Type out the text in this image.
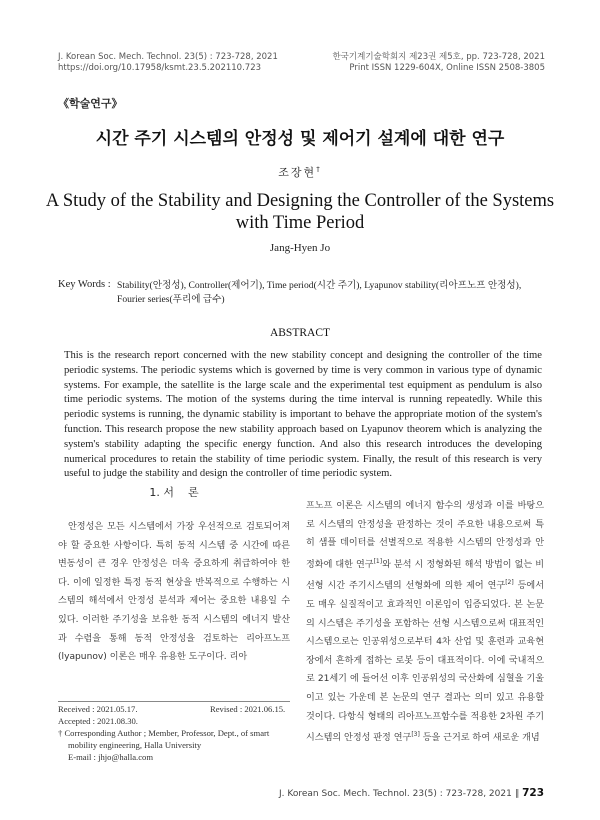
J. Korean Soc. Mech. Technol. 23(5) : 723-728, 2021
https://doi.org/10.17958/ksmt.23.5.202110.723
한국기계기술학회지 제23권 제5호, pp. 723-728, 2021
Print ISSN 1229-604X, Online ISSN 2508-3805
《학술연구》
시간 주기 시스템의 안정성 및 제어기 설계에 대한 연구
조장현†
A Study of the Stability and Designing the Controller of the Systems
with Time Period
Jang-Hyen Jo
Key Words : Stability(안정성), Controller(제어기), Time period(시간 주기), Lyapunov stability(리아프노프 안정성),
Fourier series(푸리에 급수)
ABSTRACT

This is the research report concerned with the new stability concept and designing the controller of the time periodic systems. The periodic systems which is governed by time is very common in various type of dynamic systems. For example, the satellite is the large scale and the experimental test equipment as pendulum is also time periodic systems. The motion of the systems during the time interval is running repeatedly. While this periodic systems is running, the dynamic stability is important to behave the appropriate motion of the system's function. This research propose the new stability approach based on Lyapunov theorem which is analyzing the system's stability adapting the specific energy function. And also this research introduces the developing numerical procedures to retain the stability of time periodic system. Finally, the result of this research is very useful to judge the stability and design the controller of time periodic system.

1. 서    론

안정성은 모든 시스템에서 가장 우선적으로 검토되어져야 할 중요한 사항이다. 특히 동적 시스템 중 시간에 따른 변동성이 큰 경우 안정성은 더욱 중요하게 취급하여야 한다. 이에 일정한 특정 동적 현상을 반복적으로 수행하는 시스템의 해석에서 안정성 분석과 제어는 중요한 내용일 수 있다. 이러한 주기성을 보유한 동적 시스템의 에너지 발산과 수렴을 통해 동적 안정성을 검토하는 리아프노프(lyapunov) 이론은 매우 유용한 도구이다. 리아

Received : 2021.05.17.	Revised : 2021.06.15.
Accepted : 2021.08.30.
† Corresponding Author ; Member, Professor, Dept., of smart
mobility engineering, Halla University
E-mail : jhjo@halla.com

프노프 이론은 시스템의 에너지 함수의 생성과 이를 바탕으로 시스템의 안정성을 판정하는 것이 주요한 내용으로써 특히 샘플 데이터를 선별적으로 적용한 시스템의 안정성과 안정화에 대한 연구[1]와 분석 시 정형화된 해석 방법이 없는 비선형 시간 주기시스템의 선형화에 의한 제어 연구[2] 등에서도 매우 실질적이고 효과적인 이론임이 입증되었다. 본 논문의 시스템은 주기성을 포함하는 선형 시스템으로써 대표적인 시스템으로는 인공위성으로부터 4차 산업 및 훈련과 교육현장에서 흔하게 접하는 로봇 등이 대표적이다. 이에 국내적으로 21세기 에 들어선 이후 인공위성의 국산화에 심혈을 기울이고 있는 가운데 본 논문의 연구 결과는 의미 있고 유용할 것이다. 다항식 형태의 리아프노프함수를 적용한 2차원 주기시스템의 안정성 판정 연구[3] 등을 근거로 하여 새로운 개념

J. Korean Soc. Mech. Technol. 23(5) : 723-728, 2021 ∥ 723
